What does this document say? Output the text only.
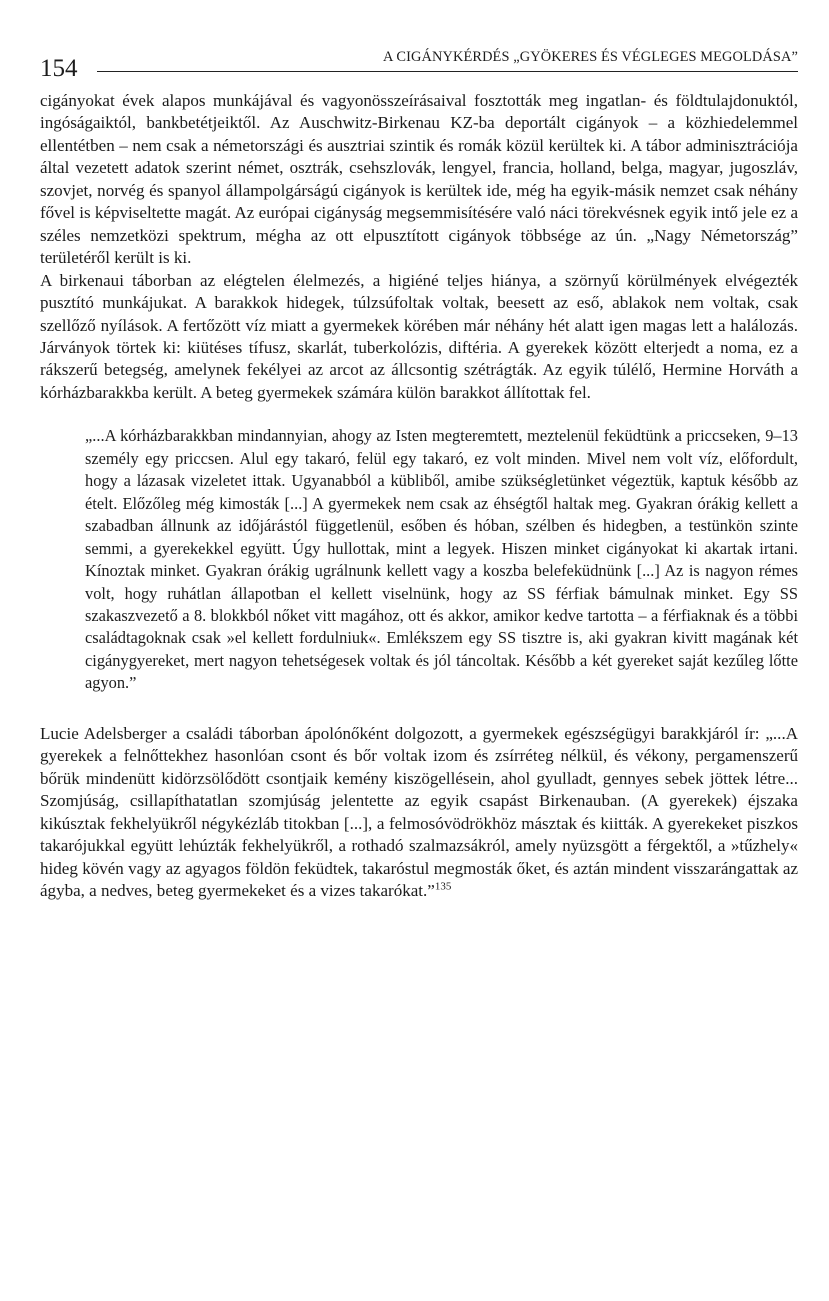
154	A CIGÁNYKÉRDÉS „GYÖKERES ÉS VÉGLEGES MEGOLDÁSA”

cigányokat évek alapos munkájával és vagyonösszeírásaival fosztották meg ingatlan- és földtulajdonuktól, ingóságaiktól, bankbetétjeiktől. Az Auschwitz-Birkenau KZ-ba deportált cigányok – a közhiedelemmel ellentétben – nem csak a németországi és ausztriai szintik és romák közül kerültek ki. A tábor adminisztrációja által vezetett adatok szerint német, osztrák, csehszlovák, lengyel, francia, holland, belga, magyar, jugoszláv, szovjet, norvég és spanyol állampolgárságú cigányok is kerültek ide, még ha egyik-másik nemzet csak néhány fővel is képviseltette magát. Az európai cigányság megsemmisítésére való náci törekvésnek egyik intő jele ez a széles nemzetközi spektrum, mégha az ott elpusztított cigányok többsége az ún. „Nagy Németország” területéről került is ki.

A birkenaui táborban az elégtelen élelmezés, a higiéné teljes hiánya, a szörnyű körülmények elvégezték pusztító munkájukat. A barakkok hidegek, túlzsúfoltak voltak, beesett az eső, ablakok nem voltak, csak szellőző nyílások. A fertőzött víz miatt a gyermekek körében már néhány hét alatt igen magas lett a halálozás. Járványok törtek ki: kiütéses tífusz, skarlát, tuberkolózis, diftéria. A gyerekek között elterjedt a noma, ez a rákszerű betegség, amelynek fekélyei az arcot az állcsontig szétrágták. Az egyik túlélő, Hermine Horváth a kórházbarakkba került. A beteg gyermekek számára külön barakkot állítottak fel.

„...A kórházbarakkban mindannyian, ahogy az Isten megteremtett, meztelenül feküdtünk a priccseken, 9–13 személy egy priccsen. Alul egy takaró, felül egy takaró, ez volt minden. Mivel nem volt víz, előfordult, hogy a lázasak vizeletet ittak. Ugyanabból a kübliből, amibe szükségletünket végeztük, kaptuk később az ételt. Előzőleg még kimosták [...] A gyermekek nem csak az éhségtől haltak meg. Gyakran órákig kellett a szabadban állnunk az időjárástól függetlenül, esőben és hóban, szélben és hidegben, a testünkön szinte semmi, a gyerekekkel együtt. Úgy hullottak, mint a legyek. Hiszen minket cigányokat ki akartak irtani. Kínoztak minket. Gyakran órákig ugrálnunk kellett vagy a koszba belefeküdnünk [...] Az is nagyon rémes volt, hogy ruhátlan állapotban el kellett viselnünk, hogy az SS férfiak bámulnak minket. Egy SS szakaszvezető a 8. blokkból nőket vitt magához, ott és akkor, amikor kedve tartotta – a férfiaknak és a többi családtagoknak csak »el kellett fordulniuk«. Emlékszem egy SS tisztre is, aki gyakran kivitt magának két cigánygyereket, mert nagyon tehetségesek voltak és jól táncoltak. Később a két gyereket saját kezűleg lőtte agyon.”

Lucie Adelsberger a családi táborban ápolónőként dolgozott, a gyermekek egészségügyi barakkjáról ír: „...A gyerekek a felnőttekhez hasonlóan csont és bőr voltak izom és zsírréteg nélkül, és vékony, pergamenszerű bőrük mindenütt kidörzsölődött csontjaik kemény kiszögellésein, ahol gyulladt, gennyes sebek jöttek létre... Szomjúság, csillapíthatatlan szomjúság jelentette az egyik csapást Birkenauban. (A gyerekek) éjszaka kikúsztak fekhelyükről négykézláb titokban [...], a felmosóvödrökhöz másztak és kiitták. A gyerekeket piszkos takarójukkal együtt lehúzták fekhelyükről, a rothadó szalmazsákról, amely nyüzsgött a férgektől, a »tűzhely« hideg kövén vagy az agyagos földön feküdtek, takaróstul megmosták őket, és aztán mindent visszarángattak az ágyba, a nedves, beteg gyermekeket és a vizes takarókat.”$^{135}$
